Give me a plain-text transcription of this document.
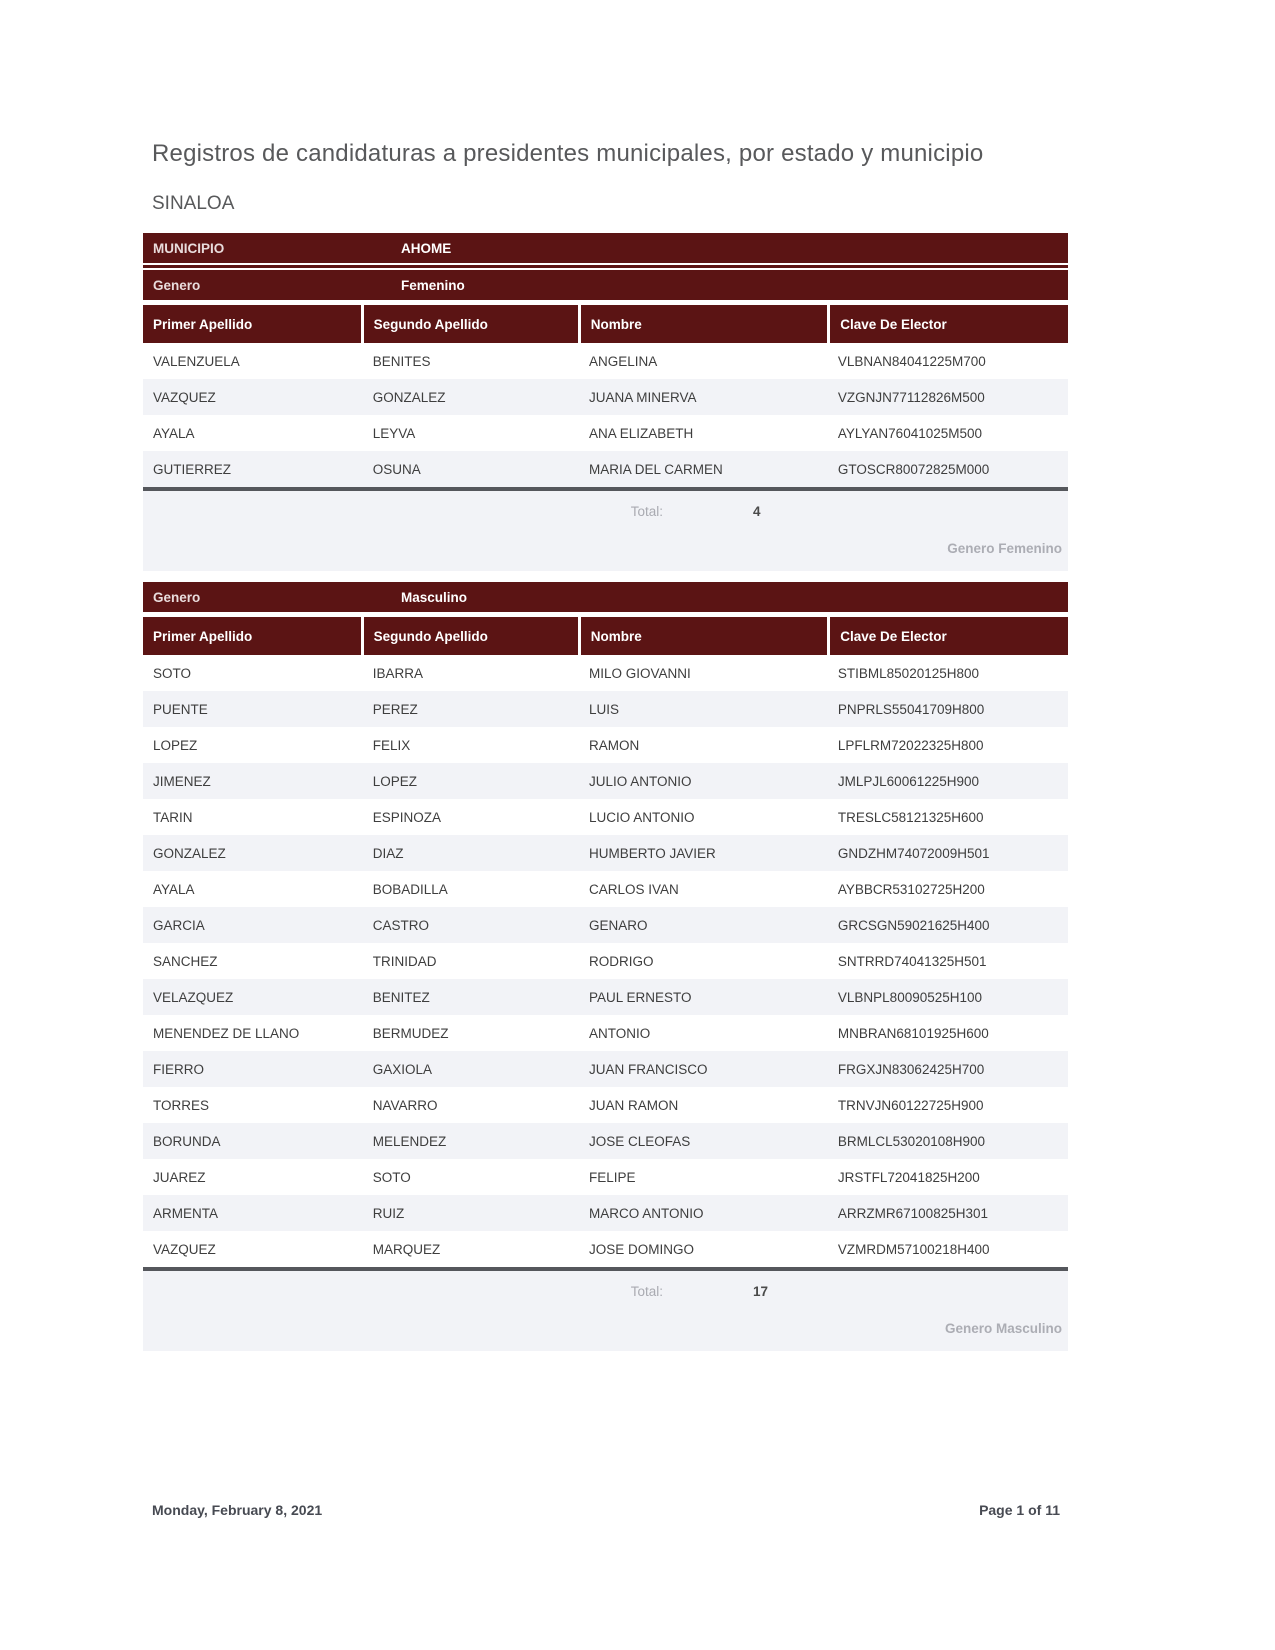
Registros de candidaturas a presidentes municipales, por estado y municipio
SINALOA
MUNICIPIO	AHOME
Genero	Femenino
Primer Apellido	Segundo Apellido	Nombre	Clave De Elector
VALENZUELA	BENITES	ANGELINA	VLBNAN84041225M700
VAZQUEZ	GONZALEZ	JUANA MINERVA	VZGNJN77112826M500
AYALA	LEYVA	ANA ELIZABETH	AYLYAN76041025M500
GUTIERREZ	OSUNA	MARIA DEL CARMEN	GTOSCR80072825M000
Total:	4
Genero Femenino
Genero	Masculino
Primer Apellido	Segundo Apellido	Nombre	Clave De Elector
SOTO	IBARRA	MILO GIOVANNI	STIBML85020125H800
PUENTE	PEREZ	LUIS	PNPRLS55041709H800
LOPEZ	FELIX	RAMON	LPFLRM72022325H800
JIMENEZ	LOPEZ	JULIO ANTONIO	JMLPJL60061225H900
TARIN	ESPINOZA	LUCIO ANTONIO	TRESLC58121325H600
GONZALEZ	DIAZ	HUMBERTO JAVIER	GNDZHM74072009H501
AYALA	BOBADILLA	CARLOS IVAN	AYBBCR53102725H200
GARCIA	CASTRO	GENARO	GRCSGN59021625H400
SANCHEZ	TRINIDAD	RODRIGO	SNTRRD74041325H501
VELAZQUEZ	BENITEZ	PAUL ERNESTO	VLBNPL80090525H100
MENENDEZ DE LLANO	BERMUDEZ	ANTONIO	MNBRAN68101925H600
FIERRO	GAXIOLA	JUAN FRANCISCO	FRGXJN83062425H700
TORRES	NAVARRO	JUAN RAMON	TRNVJN60122725H900
BORUNDA	MELENDEZ	JOSE CLEOFAS	BRMLCL53020108H900
JUAREZ	SOTO	FELIPE	JRSTFL72041825H200
ARMENTA	RUIZ	MARCO ANTONIO	ARRZMR67100825H301
VAZQUEZ	MARQUEZ	JOSE DOMINGO	VZMRDM57100218H400
Total:	17
Genero Masculino
Monday, February 8, 2021	Page 1 of 11
